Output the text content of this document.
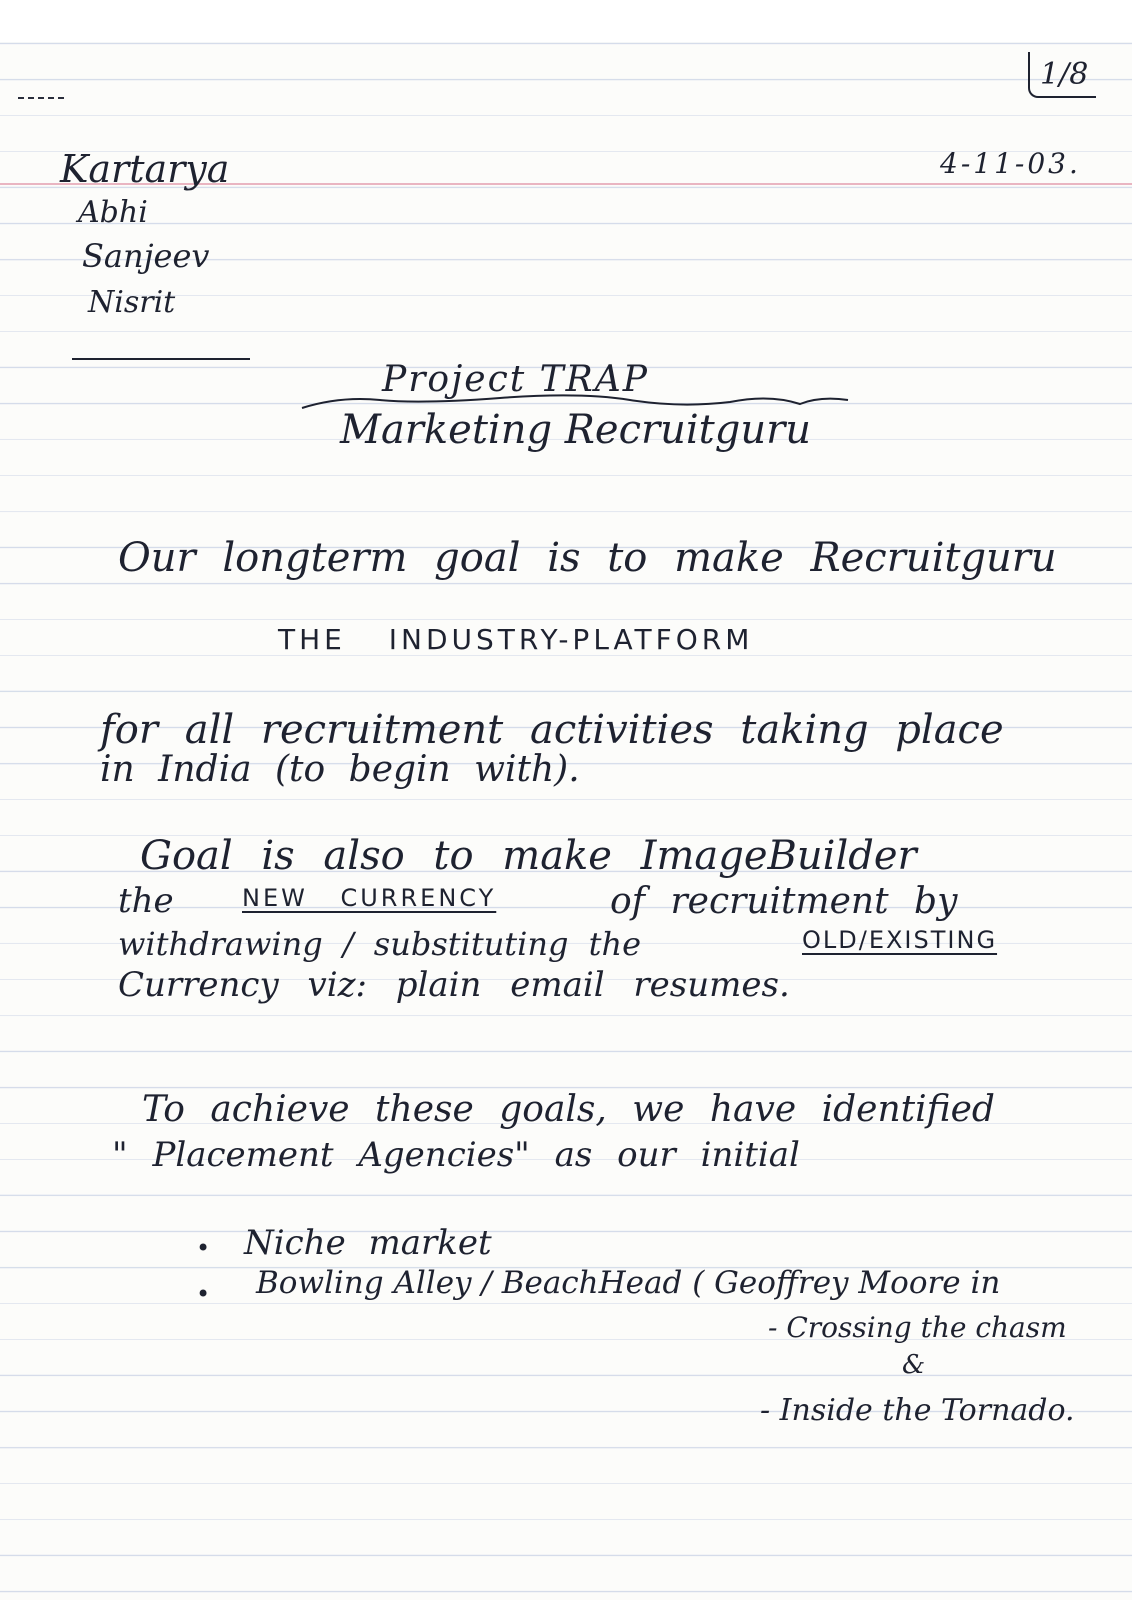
1/8
4-11-03.
Kartarya
Abhi
Sanjeev
Nisrit
Project TRAP
Marketing Recruitguru
Our longterm goal is to make Recruitguru
THE INDUSTRY-PLATFORM
for all recruitment activities taking place
in India (to begin with).
Goal is also to make ImageBuilder
the	NEW CURRENCY	of recruitment by
withdrawing / substituting the	OLD/EXISTING
Currency viz: plain email resumes.
To achieve these goals, we have identified
" Placement Agencies" as our initial
• Niche market
• Bowling Alley / BeachHead ( Geoffrey Moore in
- Crossing the chasm
&
- Inside the Tornado.
